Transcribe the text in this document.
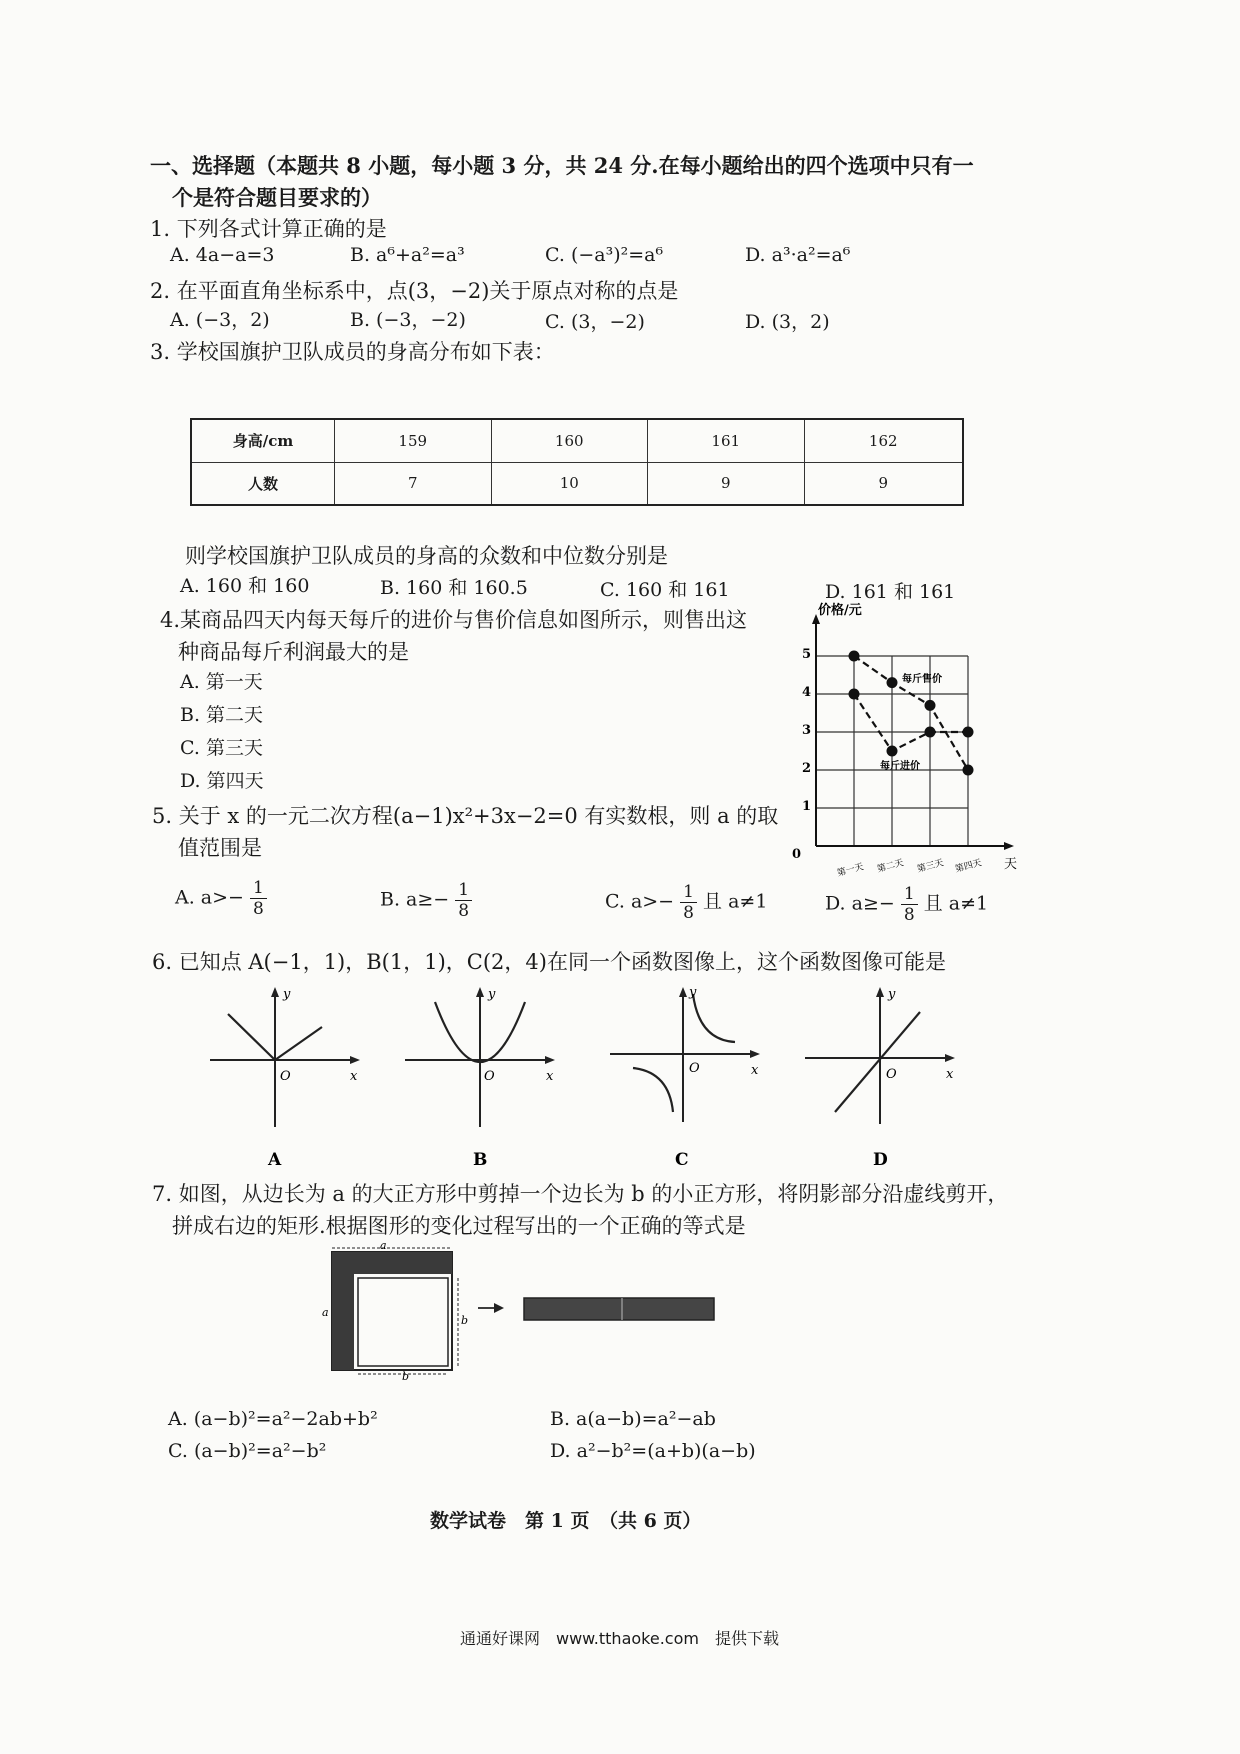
一、选择题（本题共 8 小题，每小题 3 分，共 24 分.在每小题给出的四个选项中只有一
个是符合题目要求的）
1. 下列各式计算正确的是
A. 4a−a=3	B. a⁶+a²=a³	C. (−a³)²=a⁶	D. a³·a²=a⁶
2. 在平面直角坐标系中，点(3，−2)关于原点对称的点是
A. (−3，2)	B. (−3，−2)	C. (3，−2)	D. (3，2)
3. 学校国旗护卫队成员的身高分布如下表：
身高/cm	159	160	161	162
人数	7	10	9	9
则学校国旗护卫队成员的身高的众数和中位数分别是
A. 160 和 160	B. 160 和 160.5	C. 160 和 161	D. 161 和 161
4.某商品四天内每天每斤的进价与售价信息如图所示，则售出这
种商品每斤利润最大的是
A. 第一天
B. 第二天
C. 第三天
D. 第四天
价格/元
天
0
1
2
3
4
5
第一天 第二天 第三天 第四天
每斤售价
每斤进价
5. 关于 x 的一元二次方程(a−1)x²+3x−2=0 有实数根，则 a 的取
值范围是
A. $a>- \frac{1}{8}$	B. $a\ge- \frac{1}{8}$	C. $a>- \frac{1}{8}$ 且 a≠1	D. $a\ge- \frac{1}{8}$ 且 a≠1
6. 已知点 A(−1，1)，B(1，1)，C(2，4)在同一个函数图像上，这个函数图像可能是
O	x
y
A
O	x
y
B
O	x
y
C
O	x
y
D
7. 如图，从边长为 a 的大正方形中剪掉一个边长为 b 的小正方形，将阴影部分沿虚线剪开，
拼成右边的矩形.根据图形的变化过程写出的一个正确的等式是
a
a
b
b
A. (a−b)²=a²−2ab+b²	B. a(a−b)=a²−ab
C. (a−b)²=a²−b²	D. a²−b²=(a+b)(a−b)
数学试卷　第 1 页　（共 6 页）
通通好课网　www.tthaoke.com　提供下载
